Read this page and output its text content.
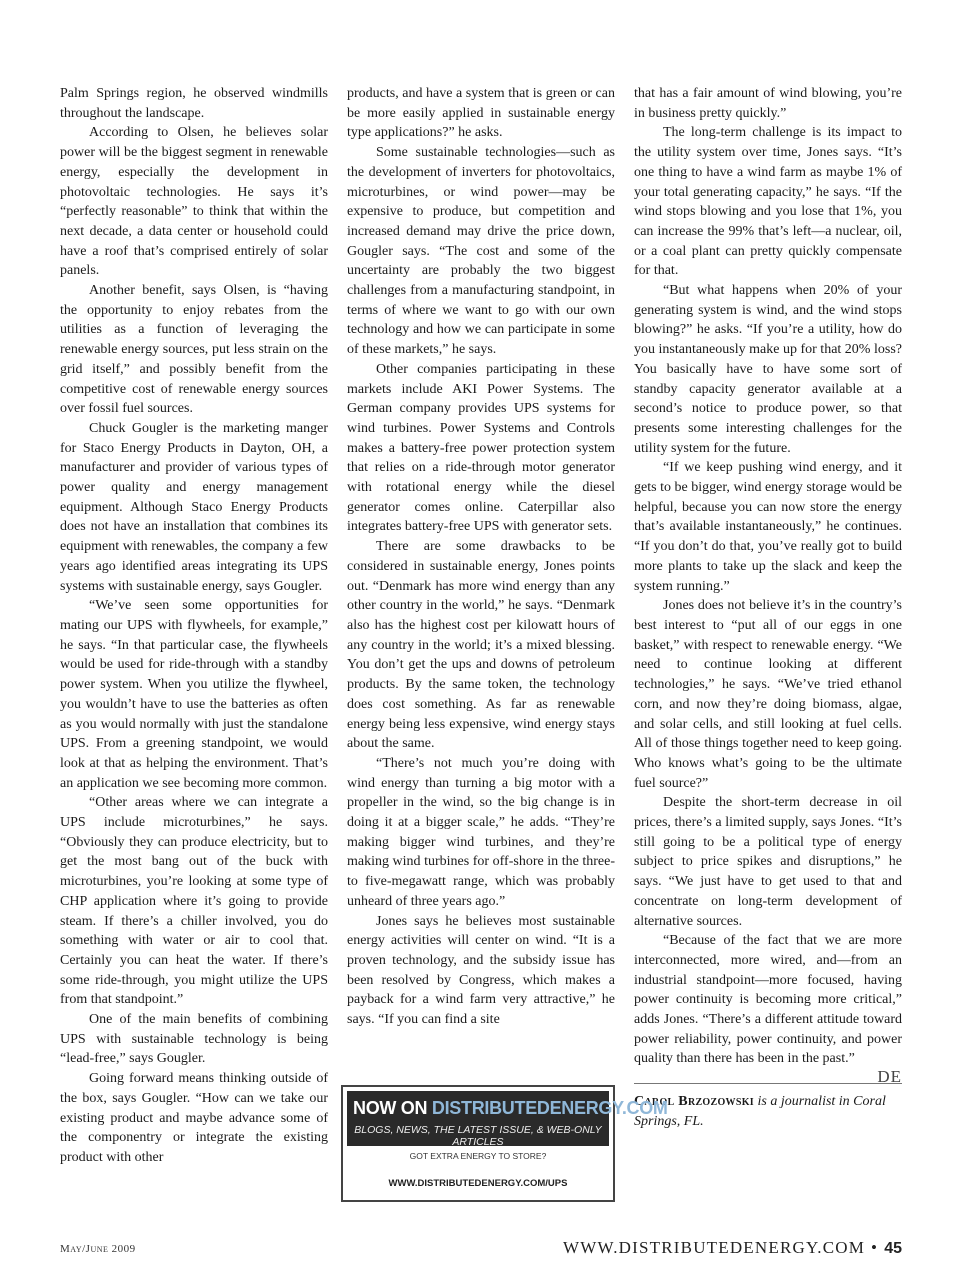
Palm Springs region, he observed windmills throughout the landscape.

According to Olsen, he believes solar power will be the biggest segment in renewable energy, especially the development in photovoltaic technologies. He says it’s “perfectly reasonable” to think that within the next decade, a data center or household could have a roof that’s comprised entirely of solar panels.

Another benefit, says Olsen, is “having the opportunity to enjoy rebates from the utilities as a function of leveraging the renewable energy sources, put less strain on the grid itself,” and possibly benefit from the competitive cost of renewable energy sources over fossil fuel sources.

Chuck Gougler is the marketing manger for Staco Energy Products in Dayton, OH, a manufacturer and provider of various types of power quality and energy management equipment. Although Staco Energy Products does not have an installation that combines its equipment with renewables, the company a few years ago identified areas integrating its UPS systems with sustainable energy, says Gougler.

“We’ve seen some opportunities for mating our UPS with flywheels, for example,” he says. “In that particular case, the flywheels would be used for ride-through with a standby power system. When you utilize the flywheel, you wouldn’t have to use the batteries as often as you would normally with just the standalone UPS. From a greening standpoint, we would look at that as helping the environment. That’s an application we see becoming more common.

“Other areas where we can integrate a UPS include microturbines,” he says. “Obviously they can produce electricity, but to get the most bang out of the buck with microturbines, you’re looking at some type of CHP application where it’s going to provide steam. If there’s a chiller involved, you do something with water or air to cool that. Certainly you can heat the water. If there’s some ride-through, you might utilize the UPS from that standpoint.”

One of the main benefits of combining UPS with sustainable technology is being “lead-free,” says Gougler.

Going forward means thinking outside of the box, says Gougler. “How can we take our existing product and maybe advance some of the componentry or integrate the existing product with other

products, and have a system that is green or can be more easily applied in sustainable energy type applications?” he asks.

Some sustainable technologies—such as the development of inverters for photovoltaics, microturbines, or wind power—may be expensive to produce, but competition and increased demand may drive the price down, Gougler says. “The cost and some of the uncertainty are probably the two biggest challenges from a manufacturing standpoint, in terms of where we want to go with our own technology and how we can participate in some of these markets,” he says.

Other companies participating in these markets include AKI Power Systems. The German company provides UPS systems for wind turbines. Power Systems and Controls makes a battery-free power protection system that relies on a ride-through motor generator with rotational energy while the diesel generator comes online. Caterpillar also integrates battery-free UPS with generator sets.

There are some drawbacks to be considered in sustainable energy, Jones points out. “Denmark has more wind energy than any other country in the world,” he says. “Denmark also has the highest cost per kilowatt hours of any country in the world; it’s a mixed blessing. You don’t get the ups and downs of petroleum products. By the same token, the technology does cost something. As far as renewable energy being less expensive, wind energy stays about the same.

“There’s not much you’re doing with wind energy than turning a big motor with a propeller in the wind, so the big change is in doing it at a bigger scale,” he adds. “They’re making bigger wind turbines, and they’re making wind turbines for off-shore in the three- to five-megawatt range, which was probably unheard of three years ago.”

Jones says he believes most sustainable energy activities will center on wind. “It is a proven technology, and the subsidy issue has been resolved by Congress, which makes a payback for a wind farm very attractive,” he says. “If you can find a site

that has a fair amount of wind blowing, you’re in business pretty quickly.”

The long-term challenge is its impact to the utility system over time, Jones says. “It’s one thing to have a wind farm as maybe 1% of your total generating capacity,” he says. “If the wind stops blowing and you lose that 1%, you can increase the 99% that’s left—a nuclear, oil, or a coal plant can pretty quickly compensate for that.

“But what happens when 20% of your generating system is wind, and the wind stops blowing?” he asks. “If you’re a utility, how do you instantaneously make up for that 20% loss? You basically have to have some sort of standby capacity generator available at a second’s notice to produce power, so that presents some interesting challenges for the utility system for the future.

“If we keep pushing wind energy, and it gets to be bigger, wind energy storage would be helpful, because you can now store the energy that’s available instantaneously,” he continues. “If you don’t do that, you’ve really got to build more plants to take up the slack and keep the system running.”

Jones does not believe it’s in the country’s best interest to “put all of our eggs in one basket,” with respect to renewable energy. “We need to continue looking at different technologies,” he says. “We’ve tried ethanol corn, and now they’re doing biomass, algae, and solar cells, and still looking at fuel cells. All of those things together need to keep going. Who knows what’s going to be the ultimate fuel source?”

Despite the short-term decrease in oil prices, there’s a limited supply, says Jones. “It’s still going to be a political type of energy subject to price spikes and disruptions,” he says. “We just have to get used to that and concentrate on long-term development of alternative sources.

“Because of the fact that we are more interconnected, more wired, and—from an industrial standpoint—more focused, having power continuity is becoming more critical,” adds Jones. “There’s a different attitude toward power reliability, power continuity, and power quality than there has been in the past.”
DE

Carol Brzozowski is a journalist in Coral Springs, FL.

NOW ON DISTRIBUTEDENERGY.COM
BLOGS, NEWS, THE LATEST ISSUE, & WEB-ONLY ARTICLES
GOT EXTRA ENERGY TO STORE?
WWW.DISTRIBUTEDENERGY.COM/UPS
May/June 2009	WWW.DISTRIBUTEDENERGY.COM • 45
